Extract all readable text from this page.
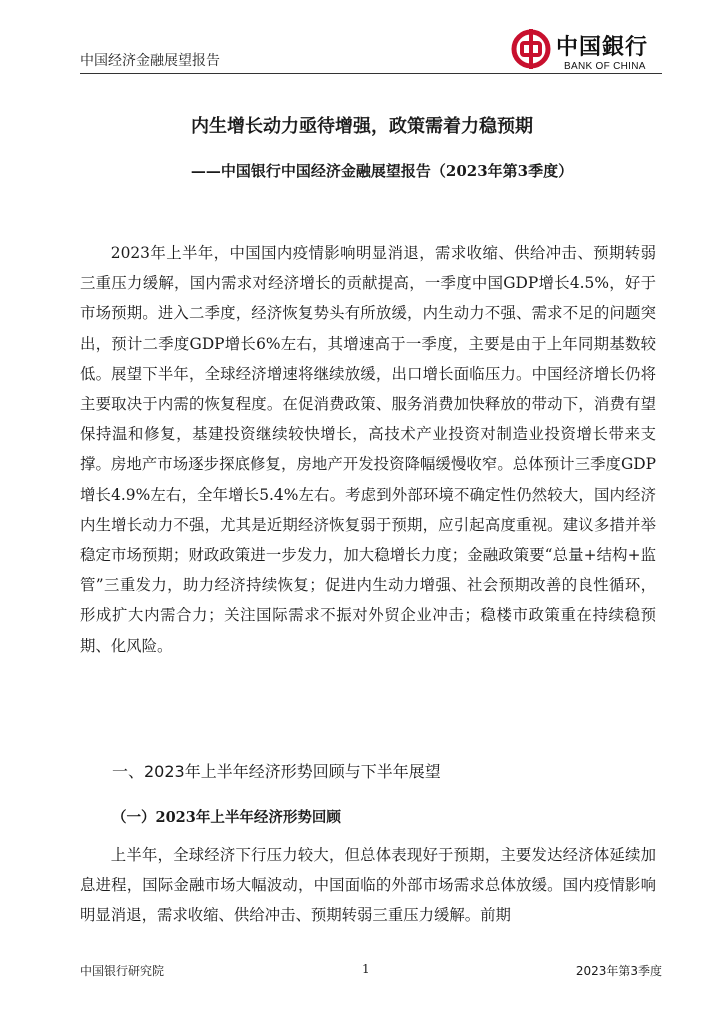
中国经济金融展望报告
中国銀行
BANK OF CHINA
内生增长动力亟待增强，政策需着力稳预期
——中国银行中国经济金融展望报告（2023年第3季度）
2023年上半年，中国国内疫情影响明显消退，需求收缩、供给冲击、预期转弱三重压力缓解，国内需求对经济增长的贡献提高，一季度中国GDP增长4.5%，好于市场预期。进入二季度，经济恢复势头有所放缓，内生动力不强、需求不足的问题突出，预计二季度GDP增长6%左右，其增速高于一季度，主要是由于上年同期基数较低。展望下半年，全球经济增速将继续放缓，出口增长面临压力。中国经济增长仍将主要取决于内需的恢复程度。在促消费政策、服务消费加快释放的带动下，消费有望保持温和修复，基建投资继续较快增长，高技术产业投资对制造业投资增长带来支撑。房地产市场逐步探底修复，房地产开发投资降幅缓慢收窄。总体预计三季度GDP增长4.9%左右，全年增长5.4%左右。考虑到外部环境不确定性仍然较大，国内经济内生增长动力不强，尤其是近期经济恢复弱于预期，应引起高度重视。建议多措并举稳定市场预期；财政政策进一步发力，加大稳增长力度；金融政策要“总量+结构+监管”三重发力，助力经济持续恢复；促进内生动力增强、社会预期改善的良性循环，形成扩大内需合力；关注国际需求不振对外贸企业冲击；稳楼市政策重在持续稳预期、化风险。
一、2023年上半年经济形势回顾与下半年展望
（一）2023年上半年经济形势回顾
上半年，全球经济下行压力较大，但总体表现好于预期，主要发达经济体延续加息进程，国际金融市场大幅波动，中国面临的外部市场需求总体放缓。国内疫情影响明显消退，需求收缩、供给冲击、预期转弱三重压力缓解。前期
中国银行研究院	1	2023年第3季度
